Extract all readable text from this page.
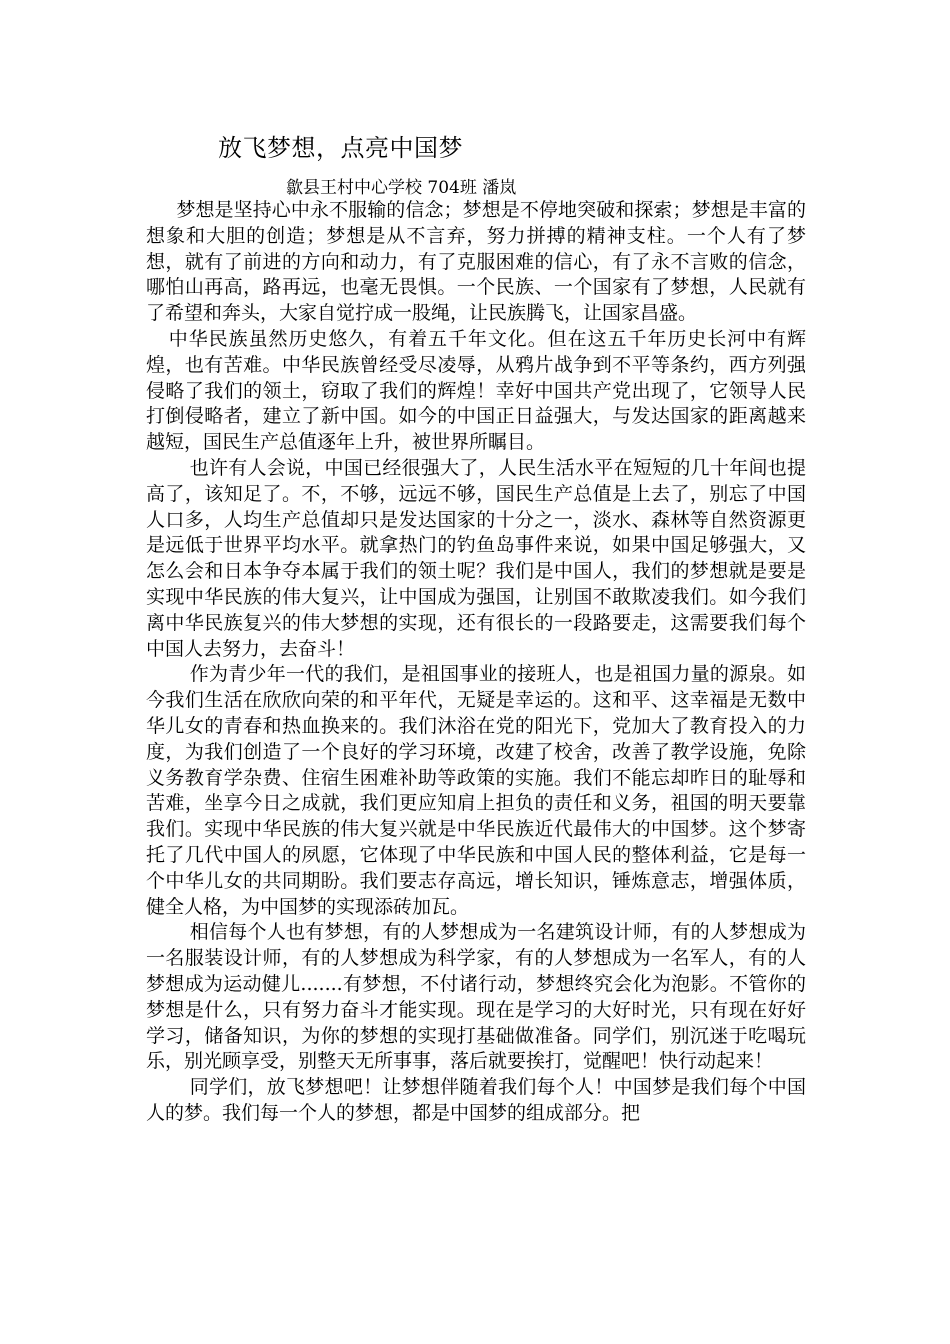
放飞梦想，点亮中国梦
歙县王村中心学校 704班 潘岚

梦想是坚持心中永不服输的信念；梦想是不停地突破和探索；梦想是丰富的想象和大胆的创造；梦想是从不言弃，努力拼搏的精神支柱。一个人有了梦想，就有了前进的方向和动力，有了克服困难的信心，有了永不言败的信念，哪怕山再高，路再远，也毫无畏惧。一个民族、一个国家有了梦想，人民就有了希望和奔头，大家自觉拧成一股绳，让民族腾飞，让国家昌盛。

中华民族虽然历史悠久，有着五千年文化。但在这五千年历史长河中有辉煌，也有苦难。中华民族曾经受尽凌辱，从鸦片战争到不平等条约，西方列强侵略了我们的领土，窃取了我们的辉煌！幸好中国共产党出现了，它领导人民打倒侵略者，建立了新中国。如今的中国正日益强大，与发达国家的距离越来越短，国民生产总值逐年上升，被世界所瞩目。

也许有人会说，中国已经很强大了，人民生活水平在短短的几十年间也提高了，该知足了。不，不够，远远不够，国民生产总值是上去了，别忘了中国人口多，人均生产总值却只是发达国家的十分之一，淡水、森林等自然资源更是远低于世界平均水平。就拿热门的钓鱼岛事件来说，如果中国足够强大，又怎么会和日本争夺本属于我们的领土呢？我们是中国人，我们的梦想就是要是实现中华民族的伟大复兴，让中国成为强国，让别国不敢欺凌我们。如今我们离中华民族复兴的伟大梦想的实现，还有很长的一段路要走，这需要我们每个中国人去努力，去奋斗！

作为青少年一代的我们，是祖国事业的接班人，也是祖国力量的源泉。如今我们生活在欣欣向荣的和平年代，无疑是幸运的。这和平、这幸福是无数中华儿女的青春和热血换来的。我们沐浴在党的阳光下，党加大了教育投入的力度，为我们创造了一个良好的学习环境，改建了校舍，改善了教学设施，免除义务教育学杂费、住宿生困难补助等政策的实施。我们不能忘却昨日的耻辱和苦难，坐享今日之成就，我们更应知肩上担负的责任和义务，祖国的明天要靠我们。实现中华民族的伟大复兴就是中华民族近代最伟大的中国梦。这个梦寄托了几代中国人的夙愿，它体现了中华民族和中国人民的整体利益，它是每一个中华儿女的共同期盼。我们要志存高远，增长知识，锤炼意志，增强体质，健全人格，为中国梦的实现添砖加瓦。

相信每个人也有梦想，有的人梦想成为一名建筑设计师，有的人梦想成为一名服装设计师，有的人梦想成为科学家，有的人梦想成为一名军人，有的人梦想成为运动健儿.......有梦想，不付诸行动，梦想终究会化为泡影。不管你的梦想是什么，只有努力奋斗才能实现。现在是学习的大好时光，只有现在好好学习，储备知识，为你的梦想的实现打基础做准备。同学们，别沉迷于吃喝玩乐，别光顾享受，别整天无所事事，落后就要挨打，觉醒吧！快行动起来！

同学们，放飞梦想吧！让梦想伴随着我们每个人！中国梦是我们每个中国人的梦。我们每一个人的梦想，都是中国梦的组成部分。把
